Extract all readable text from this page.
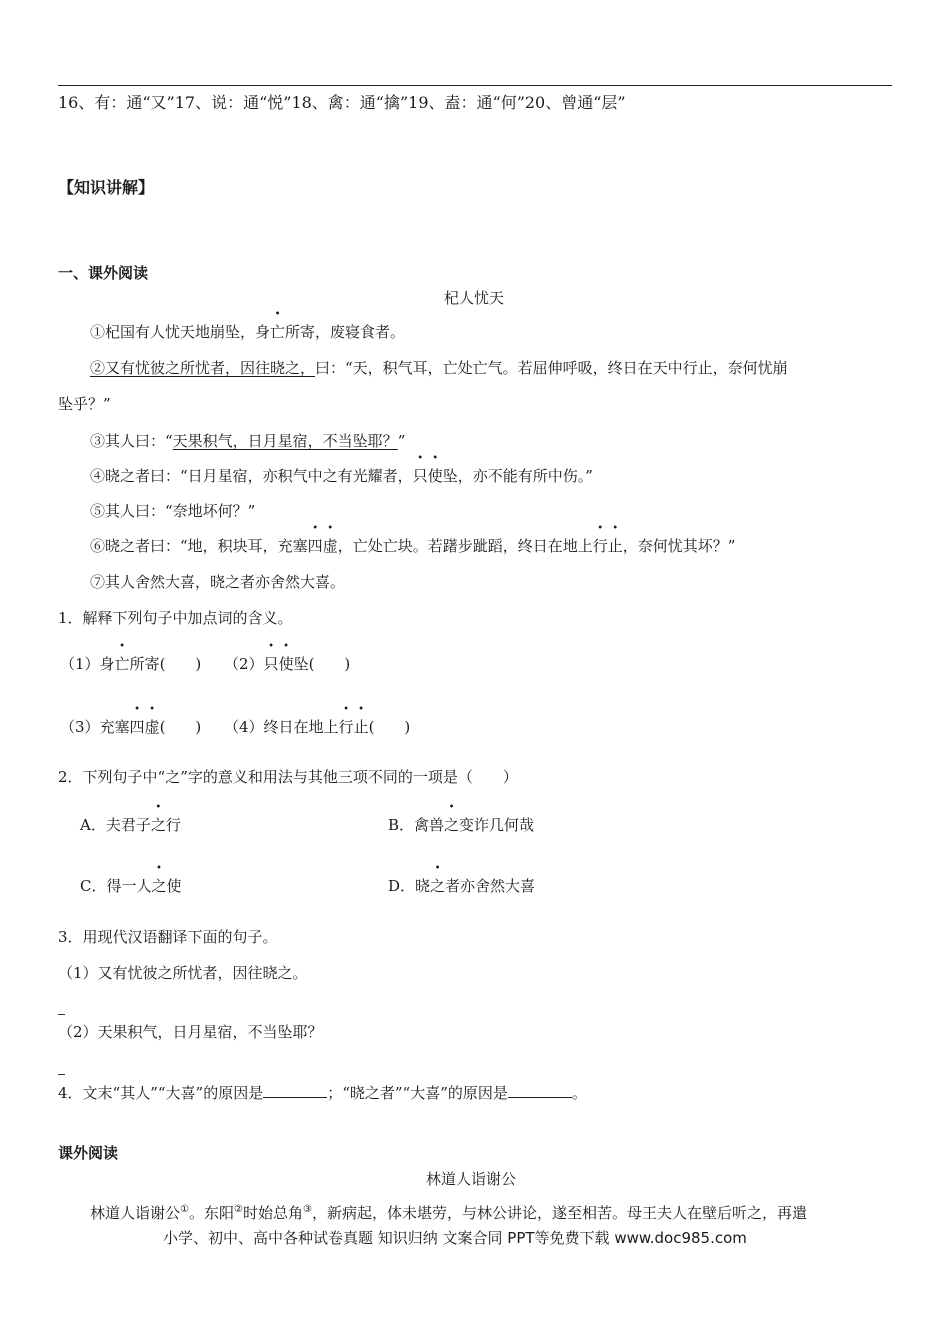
16、有：通“又”17、说：通“悦”18、禽：通“擒”19、盍：通“何”20、曾通“层”
【知识讲解】
一、课外阅读
杞人忧天
①杞国有人忧天地崩坠，身亡所寄，废寝食者。
②又有忧彼之所忧者，因往晓之，曰：“天，积气耳，亡处亡气。若屈伸呼吸，终日在天中行止，奈何忧崩
坠乎？”
③其人曰：“天果积气，日月星宿，不当坠耶？”
④晓之者曰：“日月星宿，亦积气中之有光耀者，只使坠，亦不能有所中伤。”
⑤其人曰：“奈地坏何？”
⑥晓之者曰：“地，积块耳，充塞四虚，亡处亡块。若躇步跐蹈，终日在地上行止，奈何忧其坏？”
⑦其人舍然大喜，晓之者亦舍然大喜。
1．解释下列句子中加点词的含义。
（1）身亡所寄(　　) （2）只使坠(　　)
（3）充塞四虚(　　) （4）终日在地上行止(　　)
2．下列句子中“之”字的意义和用法与其他三项不同的一项是（　　）
A．夫君子之行	B．禽兽之变诈几何哉
C．得一人之使	D．晓之者亦舍然大喜
3．用现代汉语翻译下面的句子。
（1）又有忧彼之所忧者，因往晓之。
（2）天果积气，日月星宿，不当坠耶？
4．文末“其人”“大喜”的原因是	；“晓之者”“大喜”的原因是	。
课外阅读
林道人诣谢公
林道人诣谢公①。东阳②时始总角③，新病起，体未堪劳，与林公讲论，遂至相苦。母王夫人在壁后听之，再遣
小学、初中、高中各种试卷真题 知识归纳 文案合同 PPT等免费下载 www.doc985.com
